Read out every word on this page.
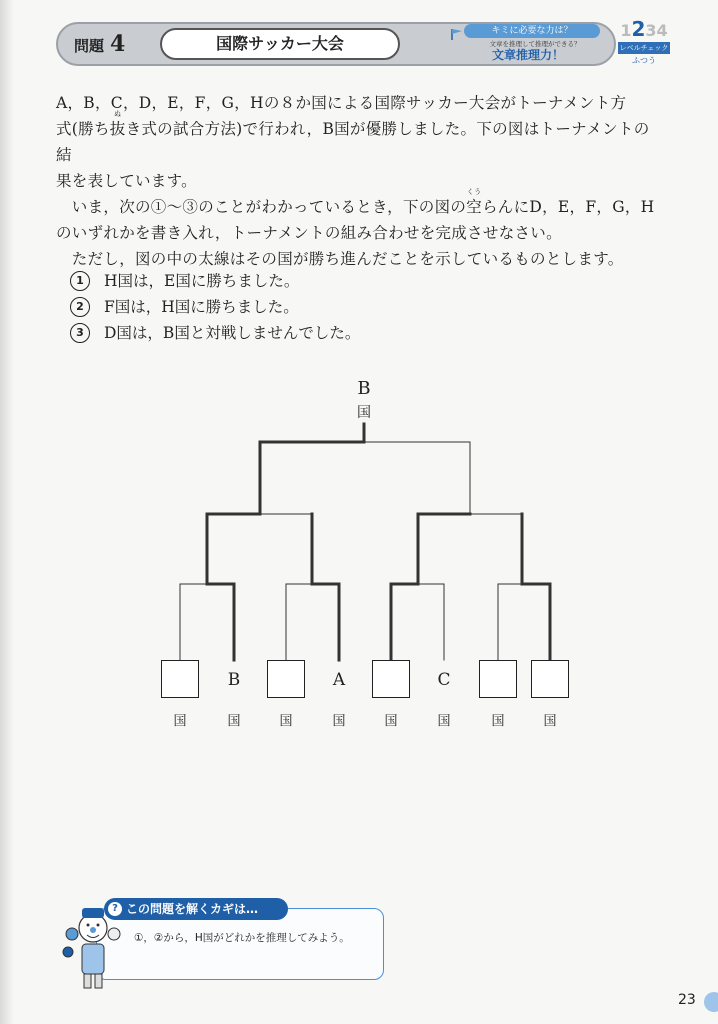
問題 4	国際サッカー大会
キミに必要な力は？
文章を推理して推理ができる？
文章推理力！
1234
レベルチェック
ふつう
A，B，C，D，E，F，G，Hの８か国による国際サッカー大会がトーナメント方
式(勝ち抜
ぬ
き式の試合方法)で行われ，B国が優勝しました。下の図はトーナメントの結
果を表しています。
　いま，次の①～③のことがわかっているとき，下の図の空
くう
らんにD，E，F，G，H
のいずれかを書き入れ，トーナメントの組み合わせを完成させなさい。
　ただし，図の中の太線はその国が勝ち進んだことを示しているものとします。
1 H国は，E国に勝ちました。
2 F国は，H国に勝ちました。
3 D国は，B国と対戦しませんでした。
B
国
B	A	C
国	国	国	国	国	国	国	国
この問題を解くカギは…
?
①，②から，H国がどれかを推理してみよう。
23
